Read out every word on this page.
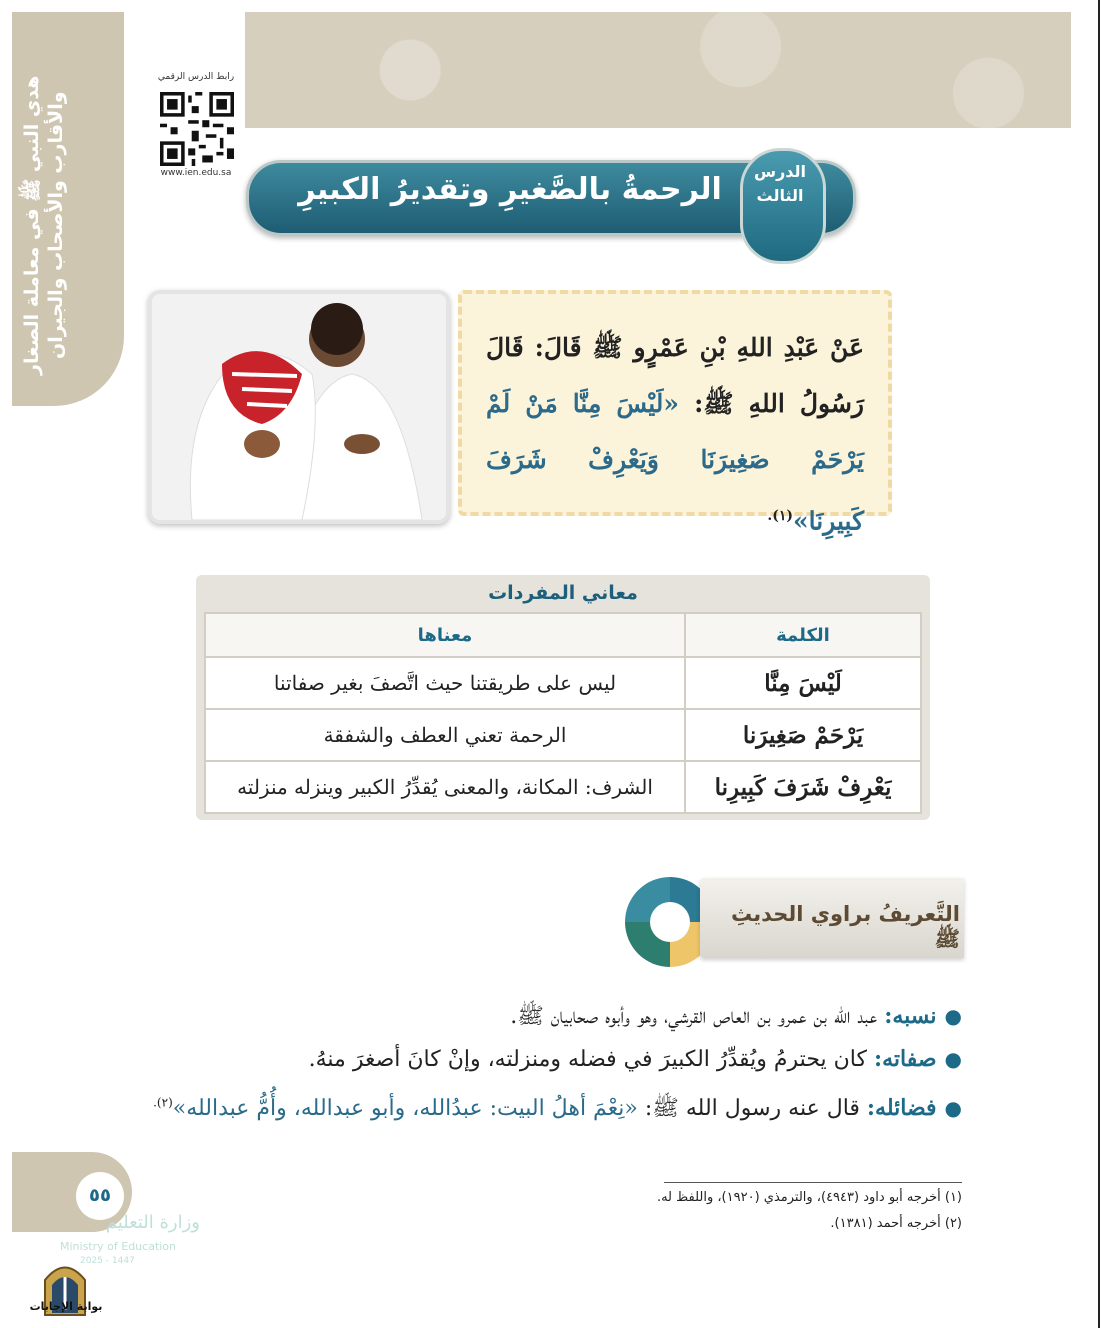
هدي النبي ﷺ في معاملة الصغار والأقارب والأصحاب والجيران
رابط الدرس الرقمي
www.ien.edu.sa	الرحمةُ بالصَّغيرِ وتقديرُ الكبيرِ
الدرس
الثالث
عَنْ عَبْدِ اللهِ بْنِ عَمْرٍو ﷺ قَالَ: قَالَ رَسُولُ اللهِ ﷺ: «لَيْسَ مِنَّا مَنْ لَمْ يَرْحَمْ صَغِيرَنَا وَيَعْرِفْ شَرَفَ كَبِيرِنَا»$^{(١).}$
معاني المفردات
الكلمة	معناها
لَيْسَ مِنَّا	ليس على طريقتنا حيث اتَّصفَ بغير صفاتنا
يَرْحَمْ صَغِيرَنا	الرحمة تعني العطف والشفقة
يَعْرِفْ شَرَفَ كَبِيرِنا	الشرف: المكانة، والمعنى يُقدِّرُ الكبير وينزله منزلته
التَّعريفُ براوي الحديثِ ﷺ
●نسبه: عبد الله بن عمرو بن العاص القرشي، وهو وأبوه صحابيان ﷺ.
●صفاته: كان يحترمُ ويُقدِّرُ الكبيرَ في فضله ومنزلته، وإنْ كانَ أصغرَ منهُ.
●فضائله: قال عنه رسول الله ﷺ: «نِعْمَ أهلُ البيت: عبدُالله، وأبو عبدالله، وأُمُّ عبدالله»$^{(٢).}$
(١) أخرجه أبو داود (٤٩٤٣)، والترمذي (١٩٢٠)، واللفظ له.
(٢) أخرجه أحمد (١٣٨١).
٥٥
وزارة التعليم
Ministry of Education
2025 - 1447
بوابة الإجابات
